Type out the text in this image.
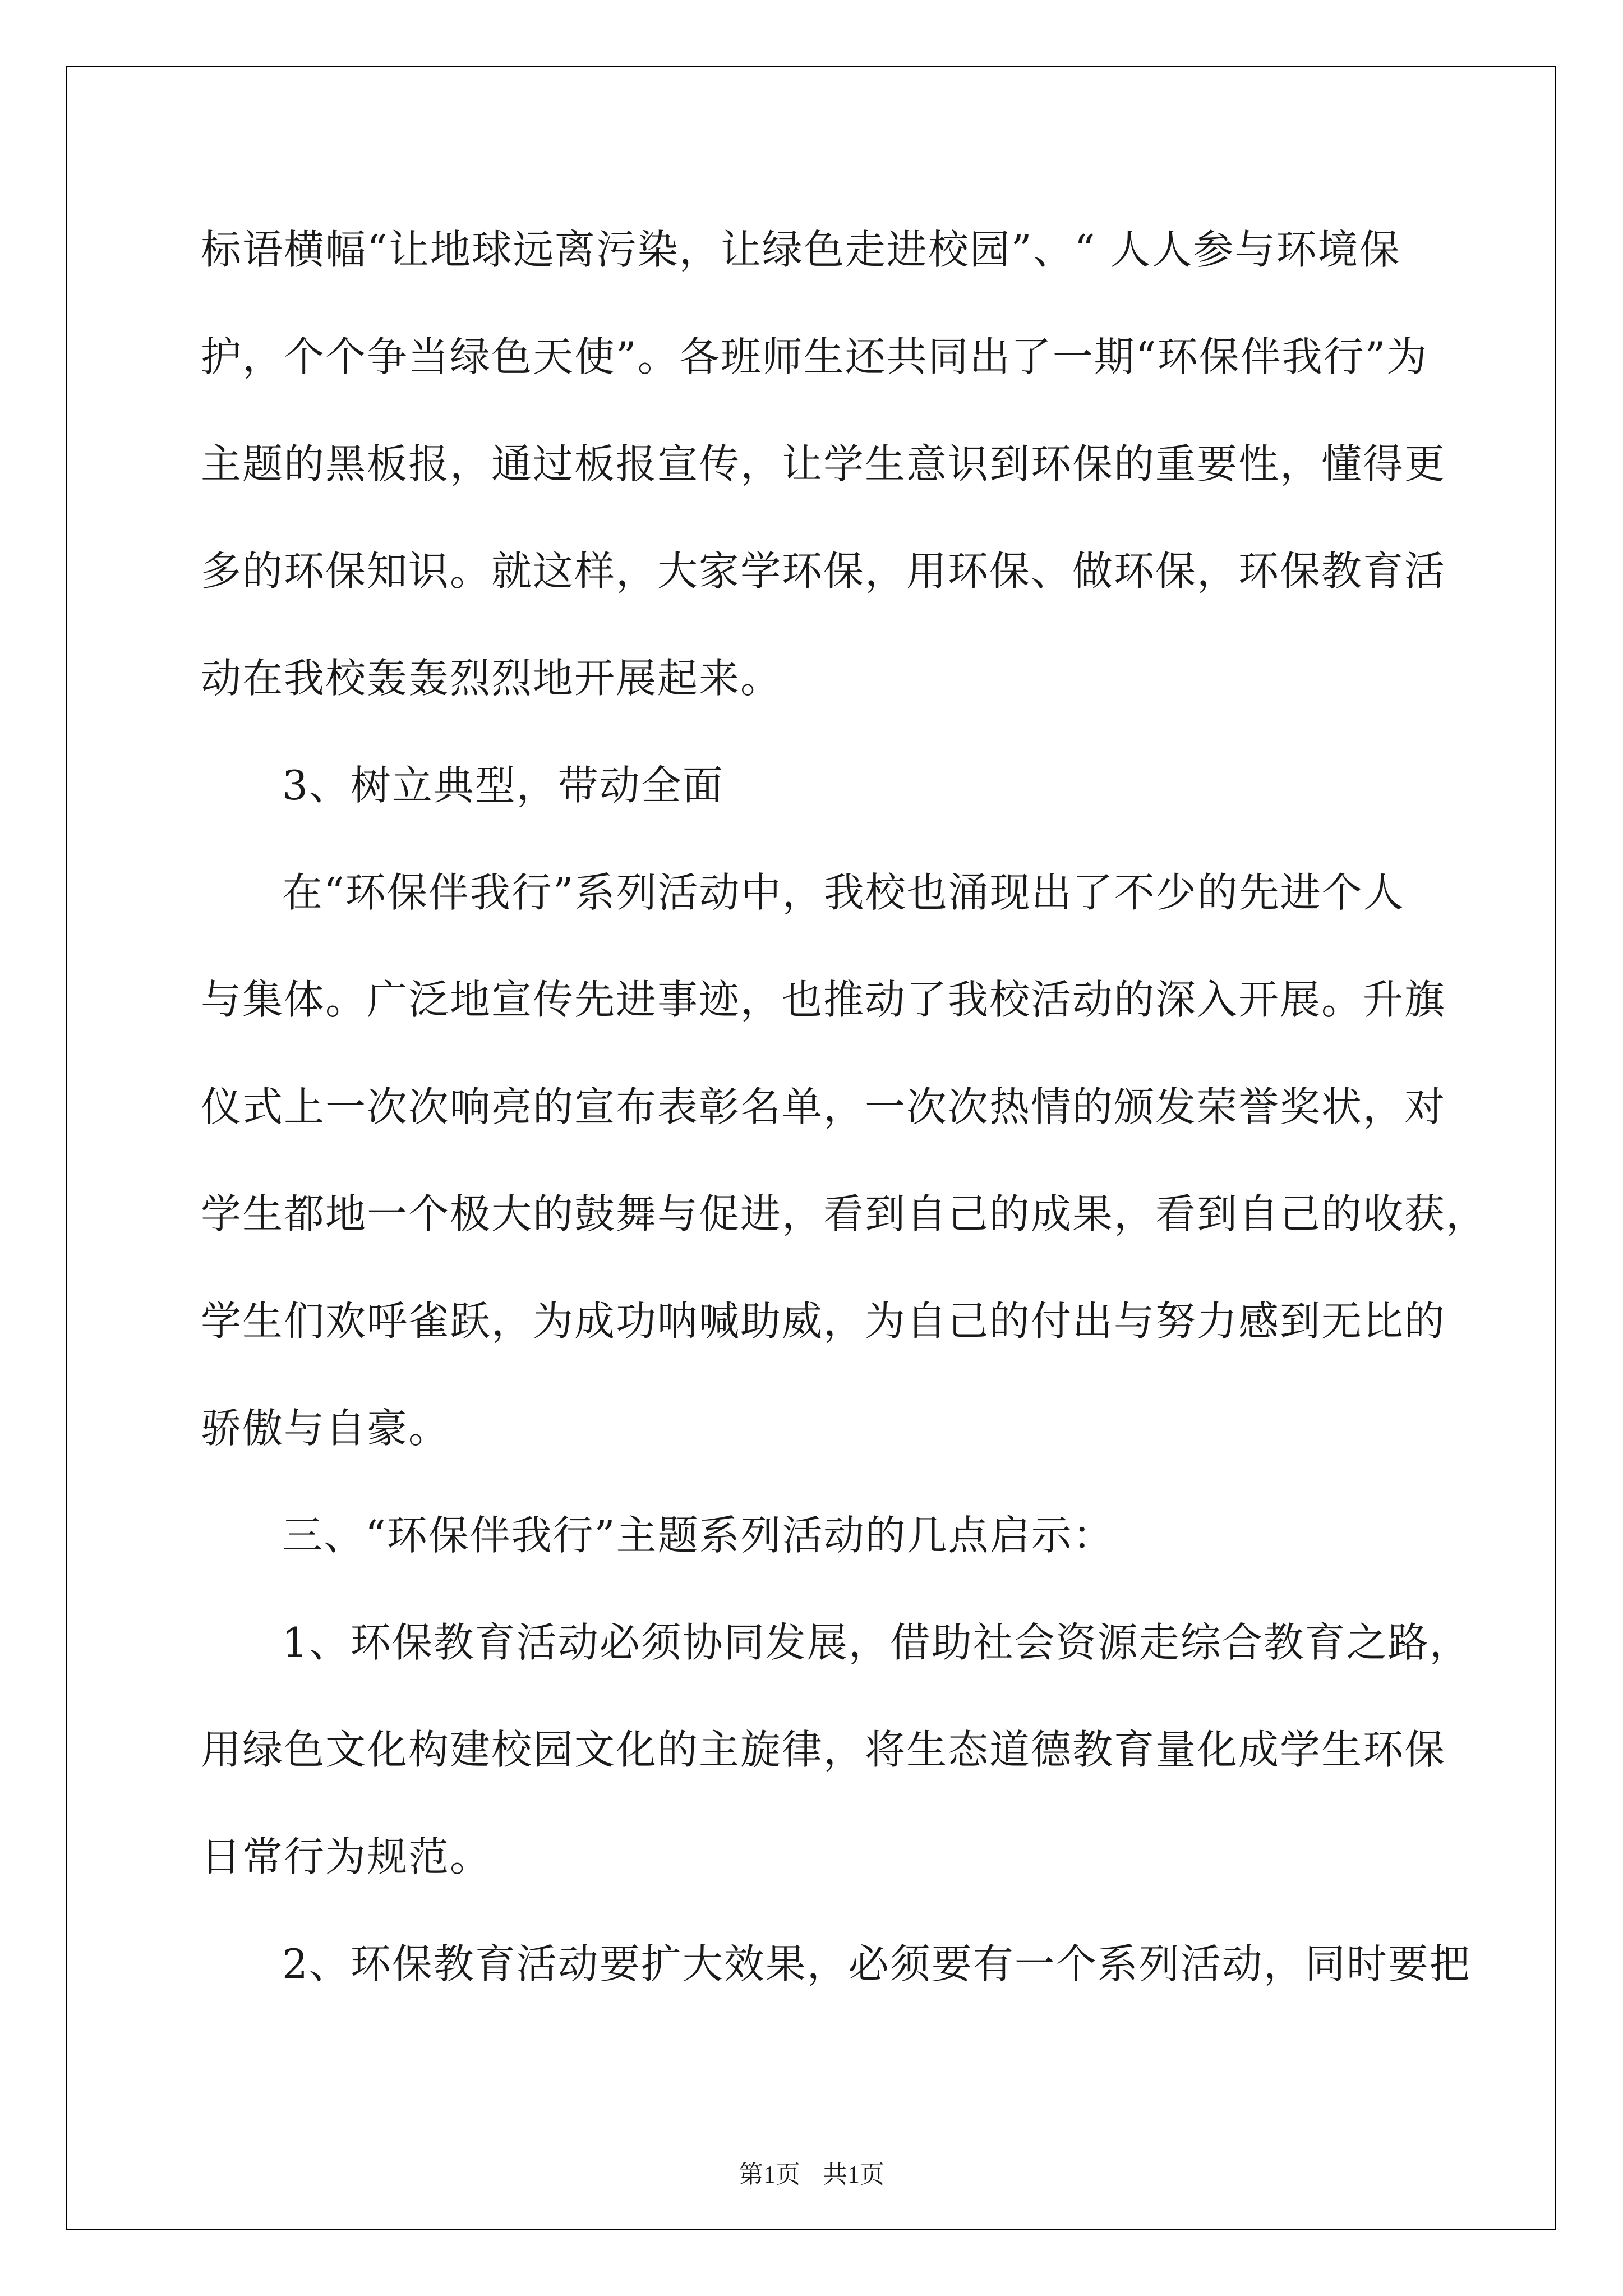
标语横幅“让地球远离污染，让绿色走进校园”、“ 人人参与环境保
护，个个争当绿色天使”。各班师生还共同出了一期“环保伴我行”为
主题的黑板报，通过板报宣传，让学生意识到环保的重要性，懂得更
多的环保知识。就这样，大家学环保，用环保、做环保，环保教育活
动在我校轰轰烈烈地开展起来。
3、树立典型，带动全面
在“环保伴我行”系列活动中，我校也涌现出了不少的先进个人
与集体。广泛地宣传先进事迹，也推动了我校活动的深入开展。升旗
仪式上一次次响亮的宣布表彰名单，一次次热情的颁发荣誉奖状，对
学生都地一个极大的鼓舞与促进，看到自己的成果，看到自己的收获，
学生们欢呼雀跃，为成功呐喊助威，为自己的付出与努力感到无比的
骄傲与自豪。
三、“环保伴我行”主题系列活动的几点启示：
1、环保教育活动必须协同发展，借助社会资源走综合教育之路，
用绿色文化构建校园文化的主旋律，将生态道德教育量化成学生环保
日常行为规范。
2、环保教育活动要扩大效果，必须要有一个系列活动，同时要把
第1页 共1页
